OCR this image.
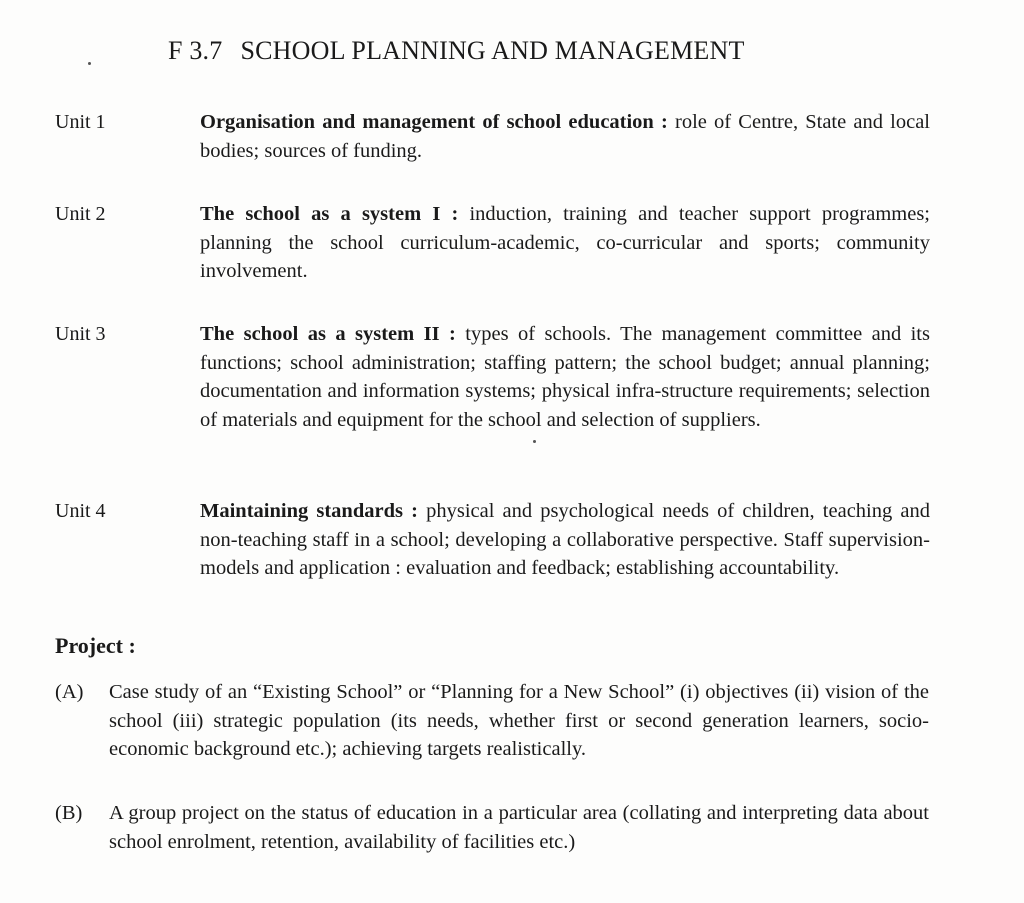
F 3.7 SCHOOL PLANNING AND MANAGEMENT
Unit 1	Organisation and management of school education : role of Centre, State and local bodies; sources of funding.
Unit 2	The school as a system I : induction, training and teacher support programmes; planning the school curriculum-academic, co-curricular and sports; community involvement.
Unit 3	The school as a system II : types of schools. The management committee and its functions; school administration; staffing pattern; the school budget; annual planning; documentation and information systems; physical infra-structure requirements; selection of materials and equipment for the school and selection of suppliers.
Unit 4	Maintaining standards : physical and psychological needs of children, teaching and non-teaching staff in a school; developing a collaborative perspective. Staff supervision- models and application : evaluation and feedback; establishing accountability.
Project :
(A) Case study of an “Existing School” or “Planning for a New School” (i) objectives (ii) vision of the school (iii) strategic population (its needs, whether first or second generation learners, socio- economic background etc.); achieving targets realistically.
(B) A group project on the status of education in a particular area (collating and interpreting data about school enrolment, retention, availability of facilities etc.)
